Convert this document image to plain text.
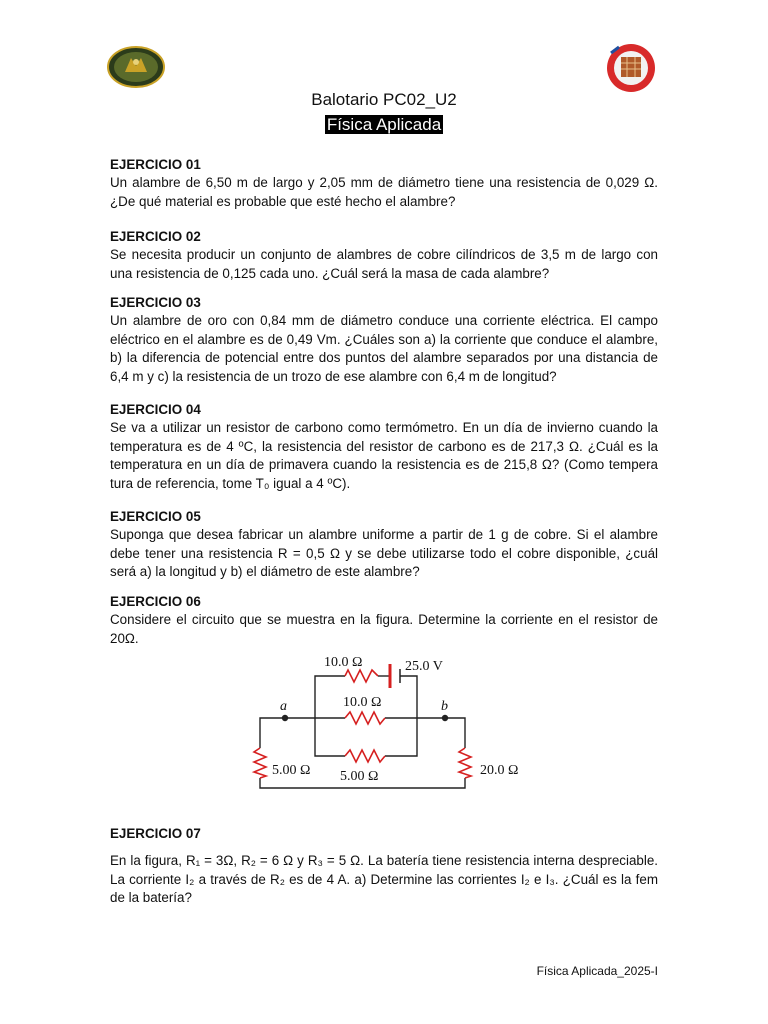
Balotario PC02_U2
Física Aplicada
EJERCICIO 01
Un alambre de 6,50 m de largo y 2,05 mm de diámetro tiene una resistencia de 0,029 Ω. ¿De qué material es probable que esté hecho el alambre?
EJERCICIO 02
Se necesita producir un conjunto de alambres de cobre cilíndricos de 3,5 m de largo con una resistencia de 0,125 cada uno. ¿Cuál será la masa de cada alambre?
EJERCICIO 03
Un alambre de oro con 0,84 mm de diámetro conduce una corriente eléctrica. El campo eléctrico en el alambre es de 0,49 Vm. ¿Cuáles son a) la corriente que conduce el alambre, b) la diferencia de potencial entre dos puntos del alambre separados por una distancia de 6,4 m y c) la resistencia de un trozo de ese alambre con 6,4 m de longitud?
EJERCICIO 04
Se va a utilizar un resistor de carbono como termómetro. En un día de invierno cuando la temperatura es de 4 ºC, la resistencia del resistor de carbono es de 217,3 Ω. ¿Cuál es la temperatura en un día de primavera cuando la resistencia es de 215,8 Ω? (Como tempera tura de referencia, tome T₀ igual a 4 ºC).
EJERCICIO 05
Suponga que desea fabricar un alambre uniforme a partir de 1 g de cobre. Si el alambre debe tener una resistencia R = 0,5 Ω y se debe utilizarse todo el cobre disponible, ¿cuál será a) la longitud y b) el diámetro de este alambre?
EJERCICIO 06
Considere el circuito que se muestra en la figura. Determine la corriente en el resistor de 20Ω.
10.0 Ω	25.0 V
10.0 Ω
a	b
5.00 Ω 5.00 Ω	20.0 Ω
EJERCICIO 07
En la figura, R₁ = 3Ω, R₂ = 6 Ω y R₃ = 5 Ω. La batería tiene resistencia interna despreciable. La corriente I₂ a través de R₂ es de 4 A. a) Determine las corrientes I₂ e I₃. ¿Cuál es la fem de la batería?
Física Aplicada_2025-I
